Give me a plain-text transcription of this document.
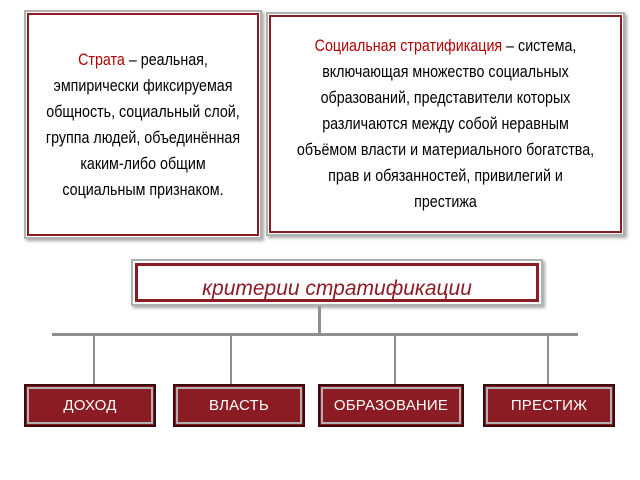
Страта – реальная, эмпирически фиксируемая общность, социальный слой, группа людей, объединённая каким-либо общим социальным признаком.
Социальная стратификация – система, включающая множество социальных образований, представители которых различаются между собой неравным объёмом власти и материального богатства, прав и обязанностей, привилегий и престижа
критерии стратификации
ДОХОД	ВЛАСТЬ	ОБРАЗОВАНИЕ	ПРЕСТИЖ
